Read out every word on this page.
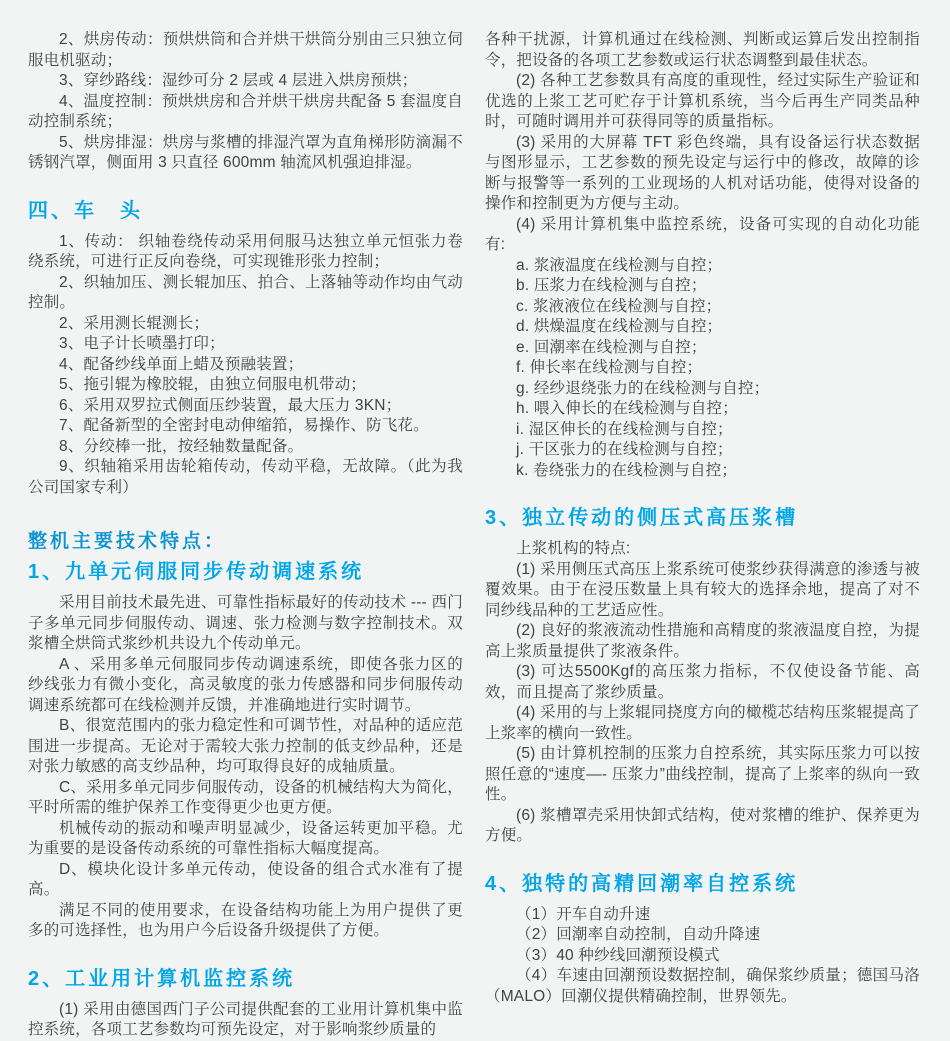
2、烘房传动：预烘烘筒和合并烘干烘筒分别由三只独立伺服电机驱动；
3、穿纱路线：湿纱可分 2 层或 4 层进入烘房预烘；
4、温度控制：预烘烘房和合并烘干烘房共配备 5 套温度自动控制系统；
5、烘房排湿：烘房与浆槽的排湿汽罩为直角梯形防滴漏不锈钢汽罩，侧面用 3 只直径 600mm 轴流风机强迫排湿。
四、车　头
1、传动： 织轴卷绕传动采用伺服马达独立单元恒张力卷绕系统，可进行正反向卷绕，可实现锥形张力控制；
2、织轴加压、测长辊加压、拍合、上落轴等动作均由气动控制。
2、采用测长辊测长；
3、电子计长喷墨打印；
4、配备纱线单面上蜡及预融装置；
5、拖引辊为橡胶辊，由独立伺服电机带动；
6、采用双罗拉式侧面压纱装置，最大压力 3KN；
7、配备新型的全密封电动伸缩筘，易操作、防飞花。
8、分绞棒一批，按经轴数量配备。
9、织轴箱采用齿轮箱传动，传动平稳，无故障。（此为我公司国家专利）
整机主要技术特点：
1、九单元伺服同步传动调速系统
采用目前技术最先进、可靠性指标最好的传动技术 --- 西门子多单元同步伺服传动、调速、张力检测与数字控制技术。双浆槽全烘筒式浆纱机共设九个传动单元。
A 、采用多单元伺服同步传动调速系统，即使各张力区的纱线张力有微小变化，高灵敏度的张力传感器和同步伺服传动调速系统都可在线检测并反馈，并准确地进行实时调节。
B、很宽范围内的张力稳定性和可调节性，对品种的适应范围进一步提高。无论对于需较大张力控制的低支纱品种，还是对张力敏感的高支纱品种，均可取得良好的成轴质量。
C、采用多单元同步伺服传动，设备的机械结构大为简化，平时所需的维护保养工作变得更少也更方便。
机械传动的振动和噪声明显减少，设备运转更加平稳。尤为重要的是设备传动系统的可靠性指标大幅度提高。
D、模块化设计多单元传动，使设备的组合式水准有了提高。
满足不同的使用要求，在设备结构功能上为用户提供了更多的可选择性，也为用户今后设备升级提供了方便。
2、工业用计算机监控系统
(1) 采用由德国西门子公司提供配套的工业用计算机集中监控系统，各项工艺参数均可预先设定，对于影响浆纱质量的
各种干扰源，计算机通过在线检测、判断或运算后发出控制指令，把设备的各项工艺参数或运行状态调整到最佳状态。
(2) 各种工艺参数具有高度的重现性，经过实际生产验证和优选的上浆工艺可贮存于计算机系统，当今后再生产同类品种时，可随时调用并可获得同等的质量指标。
(3) 采用的大屏幕 TFT 彩色终端，具有设备运行状态数据与图形显示，工艺参数的预先设定与运行中的修改，故障的诊断与报警等一系列的工业现场的人机对话功能，使得对设备的操作和控制更为方便与主动。
(4) 采用计算机集中监控系统，设备可实现的自动化功能有:
a. 浆液温度在线检测与自控；
b. 压浆力在线检测与自控；
c. 浆液液位在线检测与自控；
d. 烘燥温度在线检测与自控；
e. 回潮率在线检测与自控；
f. 伸长率在线检测与自控；
g. 经纱退绕张力的在线检测与自控；
h. 喂入伸长的在线检测与自控；
i. 湿区伸长的在线检测与自控；
j. 干区张力的在线检测与自控；
k. 卷绕张力的在线检测与自控；
3、独立传动的侧压式高压浆槽
上浆机构的特点:
(1) 采用侧压式高压上浆系统可使浆纱获得满意的渗透与被覆效果。由于在浸压数量上具有较大的选择余地，提高了对不同纱线品种的工艺适应性。
(2) 良好的浆液流动性措施和高精度的浆液温度自控，为提高上浆质量提供了浆液条件。
(3) 可达5500Kgf的高压浆力指标，不仅使设备节能、高效，而且提高了浆纱质量。
(4) 采用的与上浆辊同挠度方向的橄榄芯结构压浆辊提高了上浆率的横向一致性。
(5) 由计算机控制的压浆力自控系统，其实际压浆力可以按照任意的“速度—- 压浆力”曲线控制，提高了上浆率的纵向一致性。
(6) 浆槽罩壳采用快卸式结构，使对浆槽的维护、保养更为方便。
4、独特的高精回潮率自控系统
（1）开车自动升速
（2）回潮率自动控制，自动升降速
（3）40 种纱线回潮预设模式
（4）车速由回潮预设数据控制，确保浆纱质量；德国马洛（MALO）回潮仪提供精确控制，世界领先。
